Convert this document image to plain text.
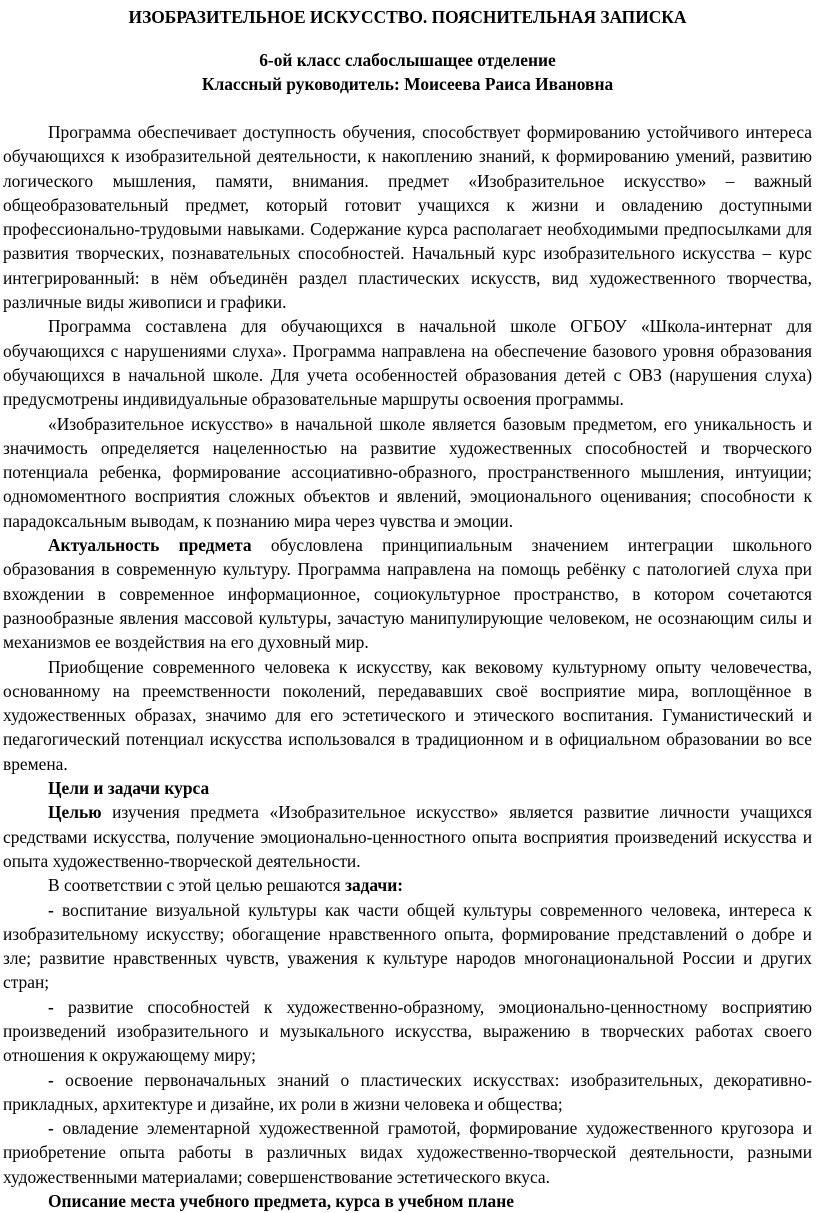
ИЗОБРАЗИТЕЛЬНОЕ ИСКУССТВО. ПОЯСНИТЕЛЬНАЯ ЗАПИСКА

6-ой класс слабослышащее отделение

Классный руководитель: Моисеева Раиса Ивановна

Программа обеспечивает доступность обучения, способствует формированию устойчивого интереса обучающихся к изобразительной деятельности, к накоплению знаний, к формированию умений, развитию логического мышления, памяти, внимания. предмет «Изобразительное искусство» – важный общеобразовательный предмет, который готовит учащихся к жизни и овладению доступными профессионально-трудовыми навыками. Содержание курса располагает необходимыми предпосылками для развития творческих, познавательных способностей. Начальный курс изобразительного искусства – курс интегрированный: в нём объединён раздел пластических искусств, вид художественного творчества, различные виды живописи и графики.

Программа составлена для обучающихся в начальной школе ОГБОУ «Школа-интернат для обучающихся с нарушениями слуха». Программа направлена на обеспечение базового уровня образования обучающихся в начальной школе. Для учета особенностей образования детей с ОВЗ (нарушения слуха) предусмотрены индивидуальные образовательные маршруты освоения программы.

«Изобразительное искусство» в начальной школе является базовым предметом, его уникальность и значимость определяется нацеленностью на развитие художественных способностей и творческого потенциала ребенка, формирование ассоциативно-образного, пространственного мышления, интуиции; одномоментного восприятия сложных объектов и явлений, эмоционального оценивания; способности к парадоксальным выводам, к познанию мира через чувства и эмоции.

Актуальность предмета обусловлена принципиальным значением интеграции школьного образования в современную культуру. Программа направлена на помощь ребёнку с патологией слуха при вхождении в современное информационное, социокультурное пространство, в котором сочетаются разнообразные явления массовой культуры, зачастую манипулирующие человеком, не осознающим силы и механизмов ее воздействия на его духовный мир.

Приобщение современного человека к искусству, как вековому культурному опыту человечества, основанному на преемственности поколений, передававших своё восприятие мира, воплощённое в художественных образах, значимо для его эстетического и этического воспитания. Гуманистический и педагогический потенциал искусства использовался в традиционном и в официальном образовании во все времена.

Цели и задачи курса

Целью изучения предмета «Изобразительное искусство» является развитие личности учащихся средствами искусства, получение эмоционально-ценностного опыта восприятия произведений искусства и опыта художественно-творческой деятельности.

В соответствии с этой целью решаются задачи:

- воспитание визуальной культуры как части общей культуры современного человека, интереса к изобразительному искусству; обогащение нравственного опыта, формирование представлений о добре и зле; развитие нравственных чувств, уважения к культуре народов многонациональной России и других стран;

- развитие способностей к художественно-образному, эмоционально-ценностному восприятию произведений изобразительного и музыкального искусства, выражению в творческих работах своего отношения к окружающему миру;

- освоение первоначальных знаний о пластических искусствах: изобразительных, декоративно-прикладных, архитектуре и дизайне, их роли в жизни человека и общества;

- овладение элементарной художественной грамотой, формирование художественного кругозора и приобретение опыта работы в различных видах художественно-творческой деятельности, разными художественными материалами; совершенствование эстетического вкуса.

Описание места учебного предмета, курса в учебном плане
